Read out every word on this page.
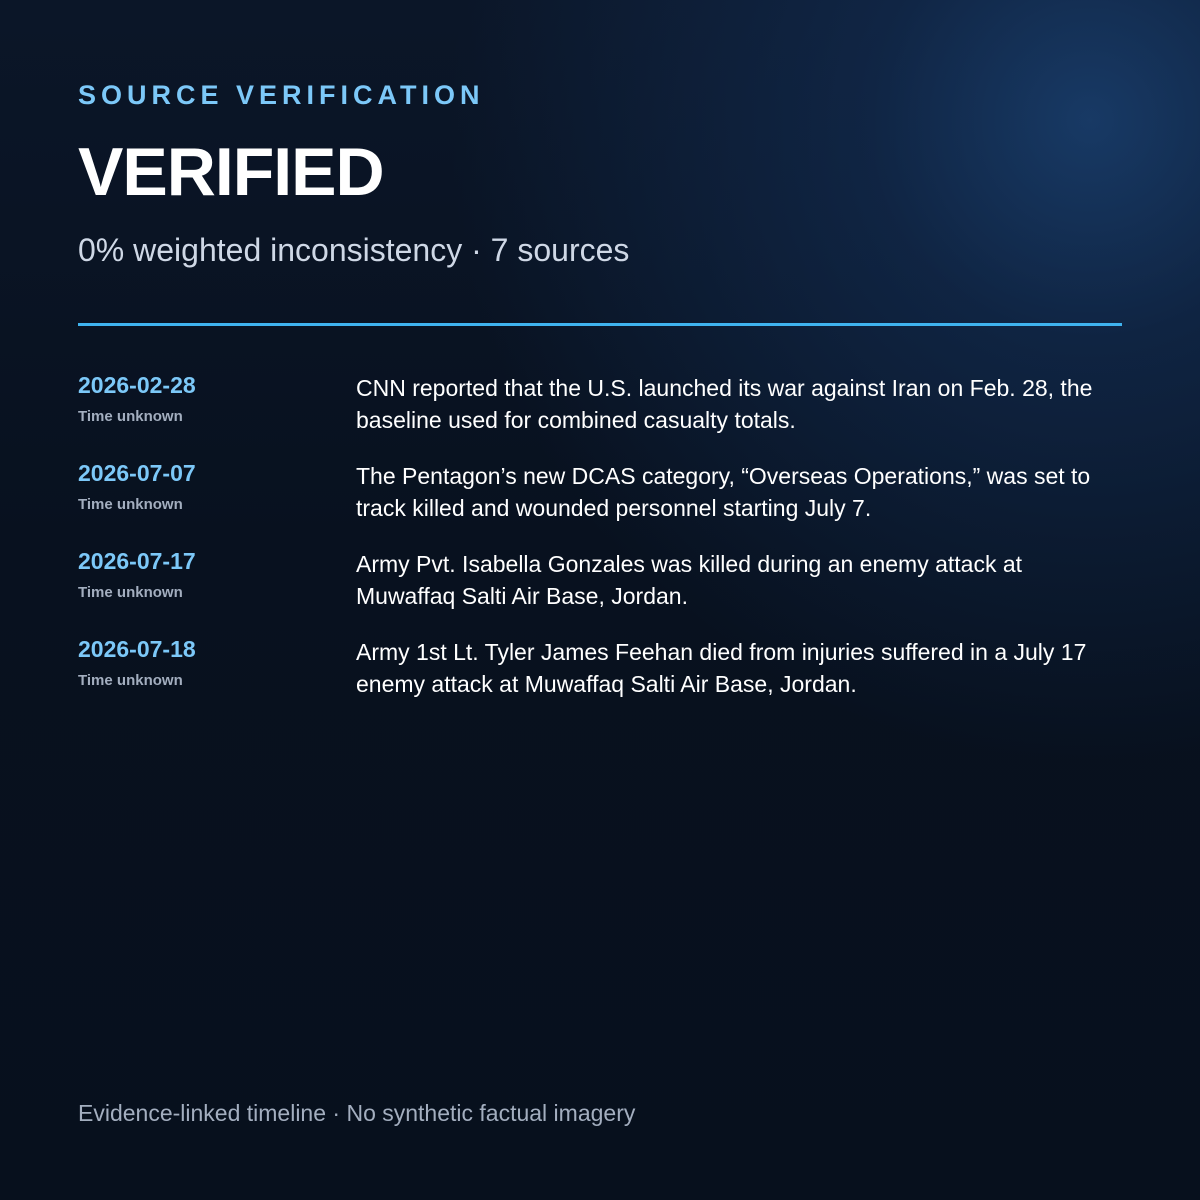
SOURCE VERIFICATION
VERIFIED
0% weighted inconsistency · 7 sources
2026-02-28
Time unknown
CNN reported that the U.S. launched its war against Iran on Feb. 28, the baseline used for combined casualty totals.
2026-07-07
Time unknown
The Pentagon’s new DCAS category, “Overseas Operations,” was set to track killed and wounded personnel starting July 7.
2026-07-17
Time unknown
Army Pvt. Isabella Gonzales was killed during an enemy attack at Muwaffaq Salti Air Base, Jordan.
2026-07-18
Time unknown
Army 1st Lt. Tyler James Feehan died from injuries suffered in a July 17 enemy attack at Muwaffaq Salti Air Base, Jordan.
Evidence-linked timeline · No synthetic factual imagery
